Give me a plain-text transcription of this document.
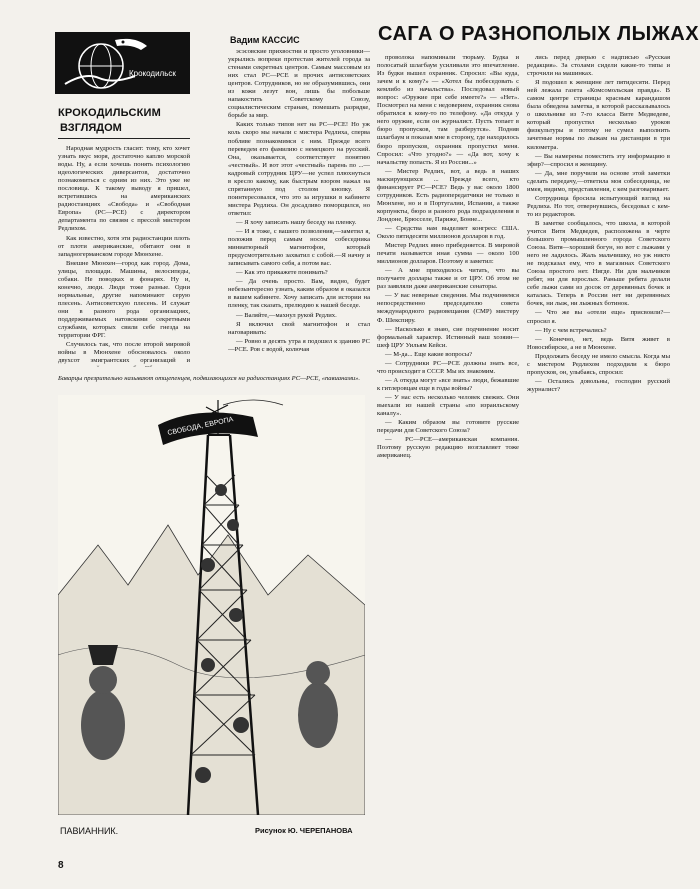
Крокодильск
КРОКОДИЛЬСКИМ
ВЗГЛЯДОМ
Вадим КАССИС	САГА О РАЗНОПОЛЫХ ЛЫЖАХ

Народная мудрость гласит: тому, кто хочет узнать вкус моря, достаточно каплю морской воды. Ну, а если хочешь понять психологию идеологических диверсантов, достаточно познакомиться с одним из них. Это уже не пословица. К такому выводу я пришел, встретившись на американских радиостанциях «Свобода» и «Свободная Европа» (РС—РСЕ) с директором департамента по связям с прессой мистером Редлихом.

Как известно, хотя эти радиостанции плоть от плоти американские, обитают они в западногерманском городе Мюнхене.

Внешне Мюнхен—город как город. Дома, улицы, площади. Машины, велосипеды, собаки. Не поводках и фонарях. Ну и, конечно, люди. Люди тоже разные. Одни нормальные, другие напоминают серую плесень. Антисоветскую плесень. И служат они в разного рода организациях, поддерживаемых натовскими секретными службами, которых свили себе гнезда на территории ФРГ.

Случилось так, что после второй мировой войны в Мюнхене обосновалось около двухсот эмигрантских организаций и

эсэсовские прихвостни и просто уголовники—укрылись вопреки протестам жителей города за стенами секретных центров. Самым массовым из них стал РС—РСЕ и прочих антисоветских центров. Сотрудников, но не образумившись, они из кожи лезут вон, лишь бы побольше напакостить Советскому Союзу, социалистическим странам, помешать разрядке, борьбе за мир.

Каких только типов нет на РС—РСЕ! Но уж коль скоро мы начали с мистера Редлиха, сперва побливе познакомимся с ним. Прежде всего переведем его фамилию с немецкого на русский. Она, оказывается, соответствует понятию «честный». И вот этот «честный» парень по ...—кадровый сотрудник ЦРУ—не успел плюхнуться в кресло какому, как быстрым взором нажал на спрятанную под столом кнопку. Я поинтересовался, что это за игрушки в кабинете мистера Редлиха. Он досадливо поморщился, но ответил:

— Я хочу записать нашу беседу на пленку.

— И я тоже, с вашего позволения,—заметил я, положив перед самым носом собеседника миниатюрный магнитофон, который предусмотрительно захватил с собой.—Я начну и записывать самого себя, а потом вас.

— Как это прикажете понимать?

— Да очень просто. Вам, видно, будет небезынтересно узнать, каким образом я оказался в вашем кабинете. Хочу записать для истории на пленку, так сказать, прелюдию к нашей беседе.

— Валяйте,—махнул рукой Редлих.

Я включил свой магнитофон и стал наговаривать:

— Ровно в десять утра я подошел к зданию РС—РСЕ. Ров с водой, колючая

проволока напоминали тюрьму. Будка и полосатый шлагбаум усиливали это впечатление. Из будки вышел охранник. Спросил: «Вы куда, зачем и к кому?» — «Хотел бы побеседовать с кемлибо из начальства». Последовал новый вопрос: «Оружие при себе имеете?» — «Нет». Посмотрел на меня с недоверием, охранник снова обратился к кому-то по телефону. «Да откуда у него оружие, если он журналист. Пусть топает в бюро пропусков, там разберутся». Подняв шлагбаум и показав мне в сторону, где находилось бюро пропусков, охранник пропустил меня. Спросил: «Что угодно?» — «Да вот, хочу к начальству попасть. Я из России...»

— Мистер Редлих, вот, а ведь в наших маскирующихся ... Прежде всего, кто финансирует РС—РСЕ? Ведь у вас около 1800 сотрудников. Есть радиопередатчики не только в Мюнхене, но и в Португалии, Испании, а также корпункты, бюро и разного рода подразделения в Лондоне, Брюсселе, Париже, Бонне...

— Средства нам выделяет конгресс США. Около пятидесяти миллионов долларов в год.

Мистер Редлих явно прибедняется. В мировой печати называется иная сумма — около 100 миллионов долларов. Поэтому я заметил:

— А мне приходилось читать, что вы получаете доллары также и от ЦРУ. Об этом не раз заявляли даже американские сенаторы.

— У вас неверные сведения. Мы подчиняемся непосредственно председателю совета международного радиовещания (СМР) мистеру Ф. Шекспиру.

— Насколько я знаю, сие подчинение носит формальный характер. Истинный ваш хозяин—шеф ЦРУ Уильям Кейси.

— М-да... Еще какие вопросы?

— Сотрудники РС—РСЕ должны знать все, что происходит в СССР. Мы их знакомим.

— А откуда могут «все знать» люди, бежавшие к гитлеровцам еще в годы войны?

— У нас есть несколько человек свежих. Они выехали из нашей страны «по израильскому каналу».

— Каким образом вы готовите русские передачи для Советского Союза?

— РС—РСЕ—американская компания. Поэтому русскую редакцию возглавляет тоже американец.

лись перед дверью с надписью «Русская редакция». За столами сидели какие-то типы и строчили на машинках.

Я подошел к женщине лет пятидесяти. Перед ней лежала газета «Комсомольская правда». В самом центре страницы красным карандашом была обведена заметка, в которой рассказывалось о школьнике из 7-го класса Вите Медведеве, который пропустил несколько уроков физкультуры и потому не сумел выполнить зачетные нормы по лыжам на дистанции в три километра.

— Вы намерены поместить эту информацию в эфир?—спросил я женщину.

— Да, мне поручили на основе этой заметки сделать передачу,—ответила моя собеседница, не имея, видимо, представления, с кем разговаривает.

Сотрудница бросила испытующий взгляд на Редлиха. Но тот, отвернувшись, беседовал с кем-то из редакторов.

В заметке сообщалось, что школа, в которой учится Витя Медведев, расположена в черте большого промышленного города Советского Союза. Витя—хороший богун, но вот с лыжами у него не ладилось. Жаль мальчишку, но уж никто не подсказал ему, что в магазинах Советского Союза простого нет. Нигде. Ни для мальчиков ребят, ни для взрослых. Раньше ребята делали себе лыжи сами из досок от деревянных бочек и каталась. Теперь в России нет ни деревянных бочек, ни лыж, ни лыжных ботинок.

— Что же вы «отели еще» присвоили?—спросил я.

— Ну с чем встречались?

— Конечно, нет, ведь Витя живет в Новосибирске, а не в Мюнхене.

Продолжать беседу не имело смысла. Когда мы с мистером Редлихом подходили к бюро пропусков, он, улыбаясь, спросил:

— Остались довольны, господин русский журналист?

Баварцы презрительно называют отщепенцев, подвизающихся на радиостанциях РС—РСЕ, «павианами».
СВОБОДА, ЕВРОПА
ПАВИАННИК.	Рисунок Ю. ЧЕРЕПАНОВА
8
